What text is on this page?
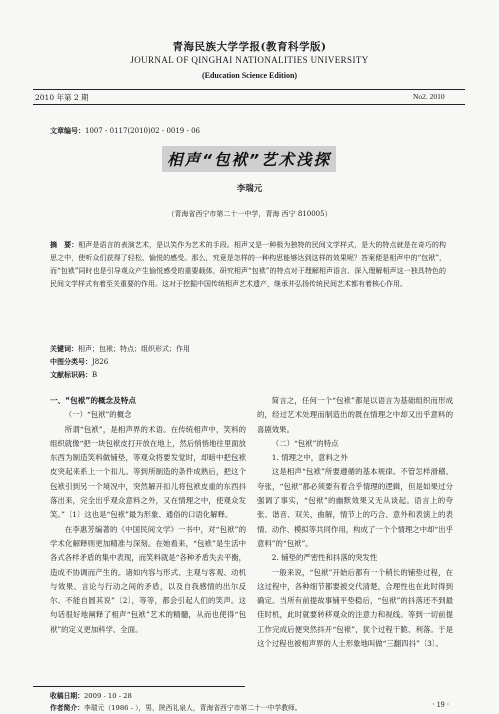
青海民族大学学报(教育科学版)
JOURNAL OF QINGHAI NATIONALITIES UNIVERSITY
(Education Science Edition)
2010 年第 2 期	No2. 2010
文章编号：1007 - 0117(2010)02 - 0019 - 06
相声“包袱”艺术浅探
李瑞元
（青海省西宁市第二十一中学，青海 西宁 810005）
摘　要：相声是语言的表演艺术，是以笑作为艺术的手段。相声又是一种极为独特的民间文学样式，是大的特点就是在奇巧的构思之中，使听众们获得了轻松、愉悦的感受。那么，究竟是怎样的一种构思能够达到这样的效果呢？答案便是相声中的“包袱”，而“包袱”同时也是引导观众产生愉悦感受的重要载体，研究相声“包袱”的特点对于理解相声语言、深入理解相声这一独具特色的民间文学样式有着至关重要的作用。这对于挖掘中国传统相声艺术遗产，继承并弘扬传统民间艺术都有着核心作用。
关键词：相声；包袱；特点；组织形式；作用
中图分类号：J826
文献标识码：B

一、“包袱”的概念及特点

（一）“包袱”的概念

所谓“包袱”，是相声界的术语。在传统相声中，笑料的组织就像“把一块包袱皮打开放在地上，然后悄悄地往里面放东西为制造笑料做铺垫，等观众将要发觉时，却暗中把包袱皮突起来系上一个扣儿。等到所制造的条件成熟后，把这个包袱引到另一个境况中，突然解开扣儿将包袱皮重的东西抖落出来，完全出乎观众意料之外，又在情理之中，使观众发笑。”〔1〕这也是“包袱”最为形象、通俗的口语化解释。

在李惠芳编著的《中国民间文学》一书中，对“包袱”的学术化解释则更加精准与深刻。在她看来，“包袱”是生活中各式各样矛盾的集中表现，而笑料就是“各种矛盾失去平衡，造成不协调而产生的。诸如内容与形式、主观与客观、动机与效果、言论与行动之间的矛盾，以及自我感情的出尔反尔、不能自圆其说”〔2〕，等等，都会引起人们的笑声。这句话很好地阐释了相声“包袱”艺术的精髓，从而也使得“包袱”的定义更加科学、全面。

简言之，任何一个“包袱”都是以语言为基础组织而形成的，经过艺术处理而制造出的既在情理之中却又出乎意料的喜剧效果。

（二）“包袱”的特点

1. 情理之中，意料之外

这是相声“包袱”所要遵循的基本规律。不管怎样滑稽、夸张，“包袱”都必须要有着合乎情理的逻辑，但是如果过分强调了事实，“包袱”的幽默效果又无从谈起。语言上的夸张、谐音、双关、曲解，情节上的巧合、意外和表演上的表情、动作、模拟等共同作用，构成了一个个情理之中却“出乎意料”的“包袱”。

2. 铺垫的严密性和抖落的突发性

一般来说，“包袱”开始后都有一个稍长的铺垫过程，在这过程中，各种细节都要被交代清楚，合理性也在此时得到确定。当所有前提故事铺平垫稳后，“包袱”的抖落还不到最佳时机，此时就要转移观众的注意力和视线。等到一切前提工作完成后便突然抖开“包袱”，犹个过程干脆、利落。于是这个过程也被相声界的人士形象地叫做“三翻四抖”〔3〕。

收稿日期：2009 - 10 - 28
作者简介：李瑞元（1986 - ），男，陕西礼泉人，青海省西宁市第二十一中学教师。	· 19 ·
